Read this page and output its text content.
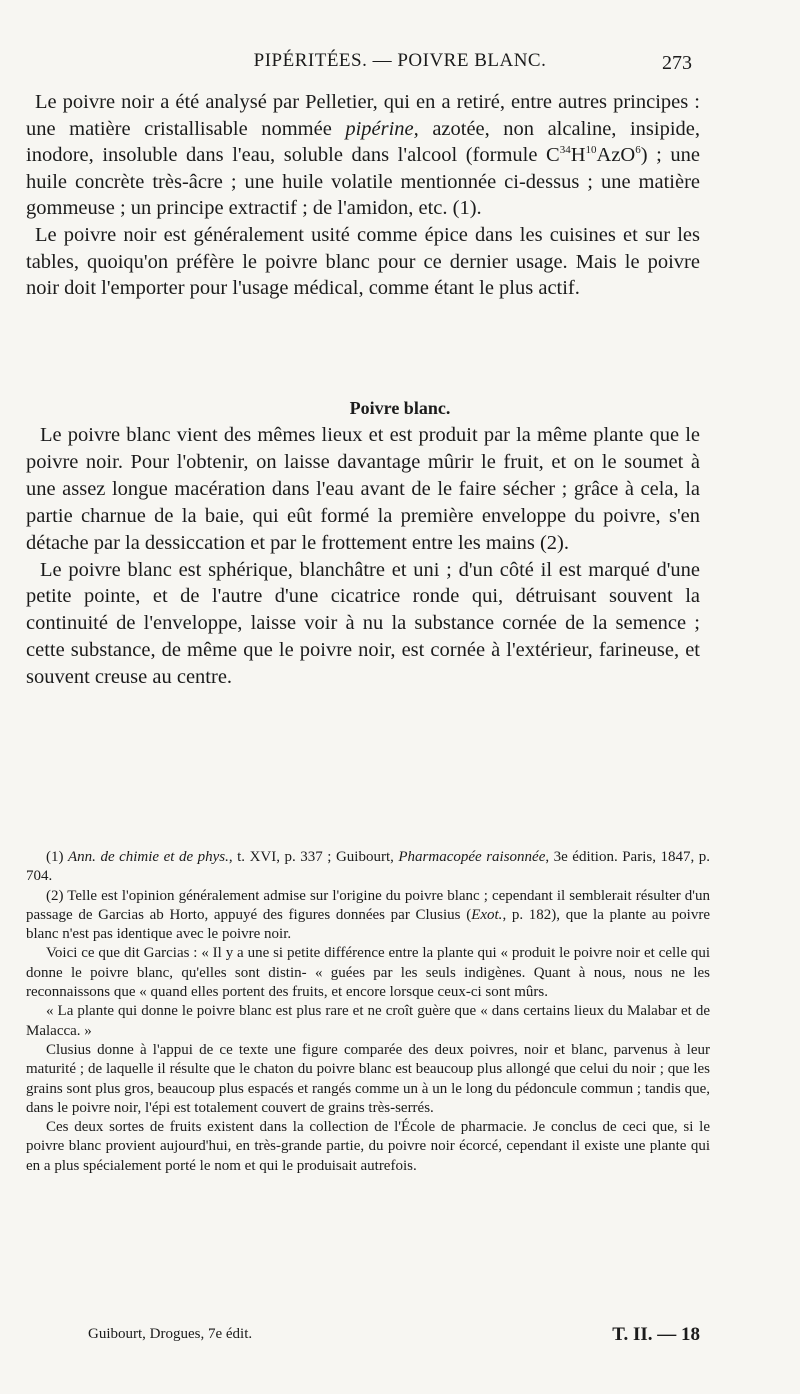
PIPÉRITÉES. — POIVRE BLANC.	273

Le poivre noir a été analysé par Pelletier, qui en a retiré, entre autres principes : une matière cristallisable nommée pipérine, azotée, non alcaline, insipide, inodore, insoluble dans l'eau, soluble dans l'alcool (formule $C^{34}H^{10}AzO^6$) ; une huile concrète très-âcre ; une huile volatile mentionnée ci-dessus ; une matière gommeuse ; un principe extractif ; de l'amidon, etc. (1).

Le poivre noir est généralement usité comme épice dans les cuisines et sur les tables, quoiqu'on préfère le poivre blanc pour ce dernier usage. Mais le poivre noir doit l'emporter pour l'usage médical, comme étant le plus actif.

Poivre blanc.

Le poivre blanc vient des mêmes lieux et est produit par la même plante que le poivre noir. Pour l'obtenir, on laisse davantage mûrir le fruit, et on le soumet à une assez longue macération dans l'eau avant de le faire sécher ; grâce à cela, la partie charnue de la baie, qui eût formé la première enveloppe du poivre, s'en détache par la dessiccation et par le frottement entre les mains (2).

Le poivre blanc est sphérique, blanchâtre et uni ; d'un côté il est marqué d'une petite pointe, et de l'autre d'une cicatrice ronde qui, détruisant souvent la continuité de l'enveloppe, laisse voir à nu la substance cornée de la semence ; cette substance, de même que le poivre noir, est cornée à l'extérieur, farineuse, et souvent creuse au centre.

(1) Ann. de chimie et de phys., t. XVI, p. 337 ; Guibourt, Pharmacopée raisonnée, 3e édition. Paris, 1847, p. 704.

(2) Telle est l'opinion généralement admise sur l'origine du poivre blanc ; cependant il semblerait résulter d'un passage de Garcias ab Horto, appuyé des figures données par Clusius (Exot., p. 182), que la plante au poivre blanc n'est pas identique avec le poivre noir.

Voici ce que dit Garcias : « Il y a une si petite différence entre la plante qui « produit le poivre noir et celle qui donne le poivre blanc, qu'elles sont distin- « guées par les seuls indigènes. Quant à nous, nous ne les reconnaissons que « quand elles portent des fruits, et encore lorsque ceux-ci sont mûrs.

« La plante qui donne le poivre blanc est plus rare et ne croît guère que « dans certains lieux du Malabar et de Malacca. »

Clusius donne à l'appui de ce texte une figure comparée des deux poivres, noir et blanc, parvenus à leur maturité ; de laquelle il résulte que le chaton du poivre blanc est beaucoup plus allongé que celui du noir ; que les grains sont plus gros, beaucoup plus espacés et rangés comme un à un le long du pédoncule commun ; tandis que, dans le poivre noir, l'épi est totalement couvert de grains très-serrés.

Ces deux sortes de fruits existent dans la collection de l'École de pharmacie. Je conclus de ceci que, si le poivre blanc provient aujourd'hui, en très-grande partie, du poivre noir écorcé, cependant il existe une plante qui en a plus spécialement porté le nom et qui le produisait autrefois.

Guibourt, Drogues, 7e édit.	T. II. — 18
